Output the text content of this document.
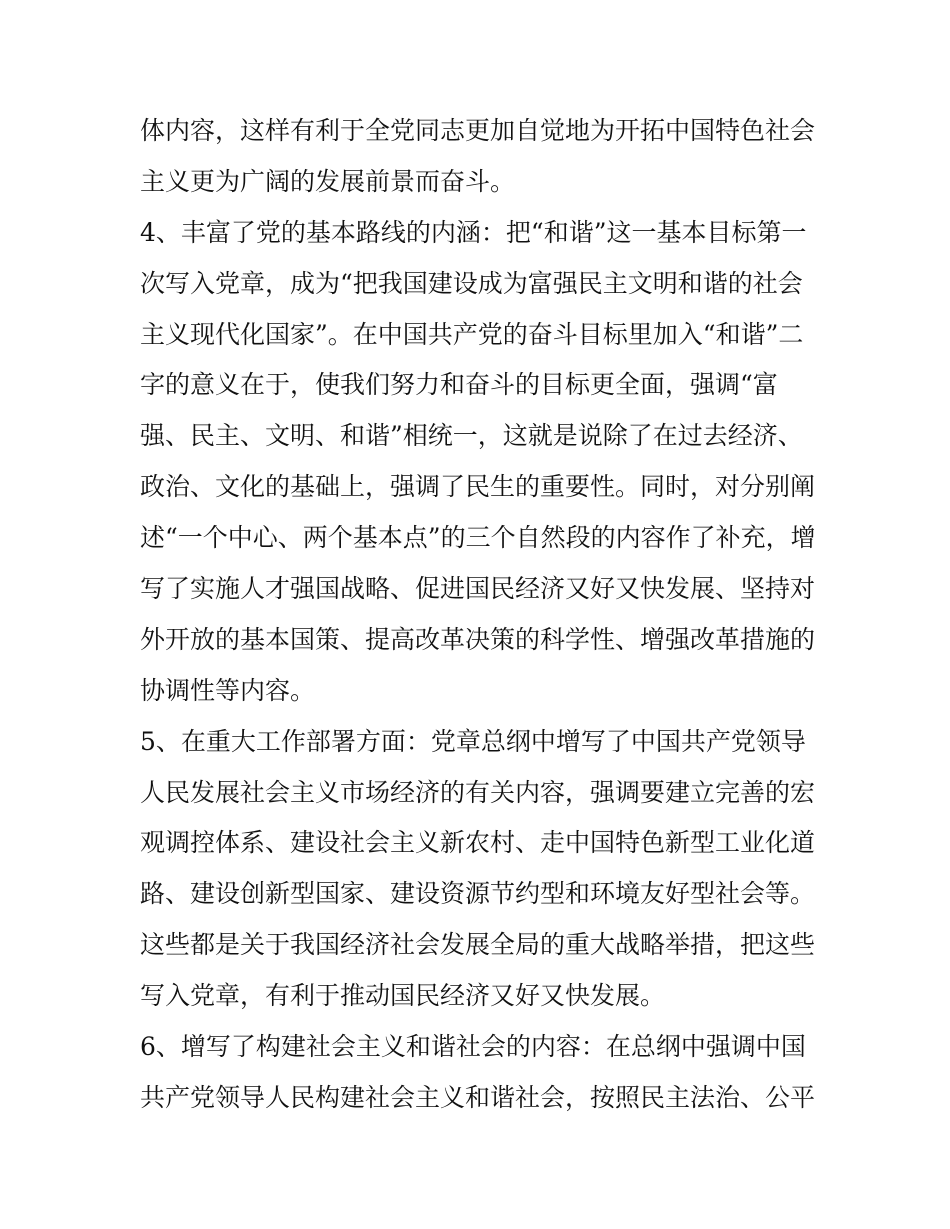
体内容，这样有利于全党同志更加自觉地为开拓中国特色社会
主义更为广阔的发展前景而奋斗。
4、丰富了党的基本路线的内涵：把“和谐”这一基本目标第一
次写入党章，成为“把我国建设成为富强民主文明和谐的社会
主义现代化国家”。在中国共产党的奋斗目标里加入“和谐”二
字的意义在于，使我们努力和奋斗的目标更全面，强调“富
强、民主、文明、和谐”相统一，这就是说除了在过去经济、
政治、文化的基础上，强调了民生的重要性。同时，对分别阐
述“一个中心、两个基本点”的三个自然段的内容作了补充，增
写了实施人才强国战略、促进国民经济又好又快发展、坚持对
外开放的基本国策、提高改革决策的科学性、增强改革措施的
协调性等内容。
5、在重大工作部署方面：党章总纲中增写了中国共产党领导
人民发展社会主义市场经济的有关内容，强调要建立完善的宏
观调控体系、建设社会主义新农村、走中国特色新型工业化道
路、建设创新型国家、建设资源节约型和环境友好型社会等。
这些都是关于我国经济社会发展全局的重大战略举措，把这些
写入党章，有利于推动国民经济又好又快发展。
6、增写了构建社会主义和谐社会的内容：在总纲中强调中国
共产党领导人民构建社会主义和谐社会，按照民主法治、公平
